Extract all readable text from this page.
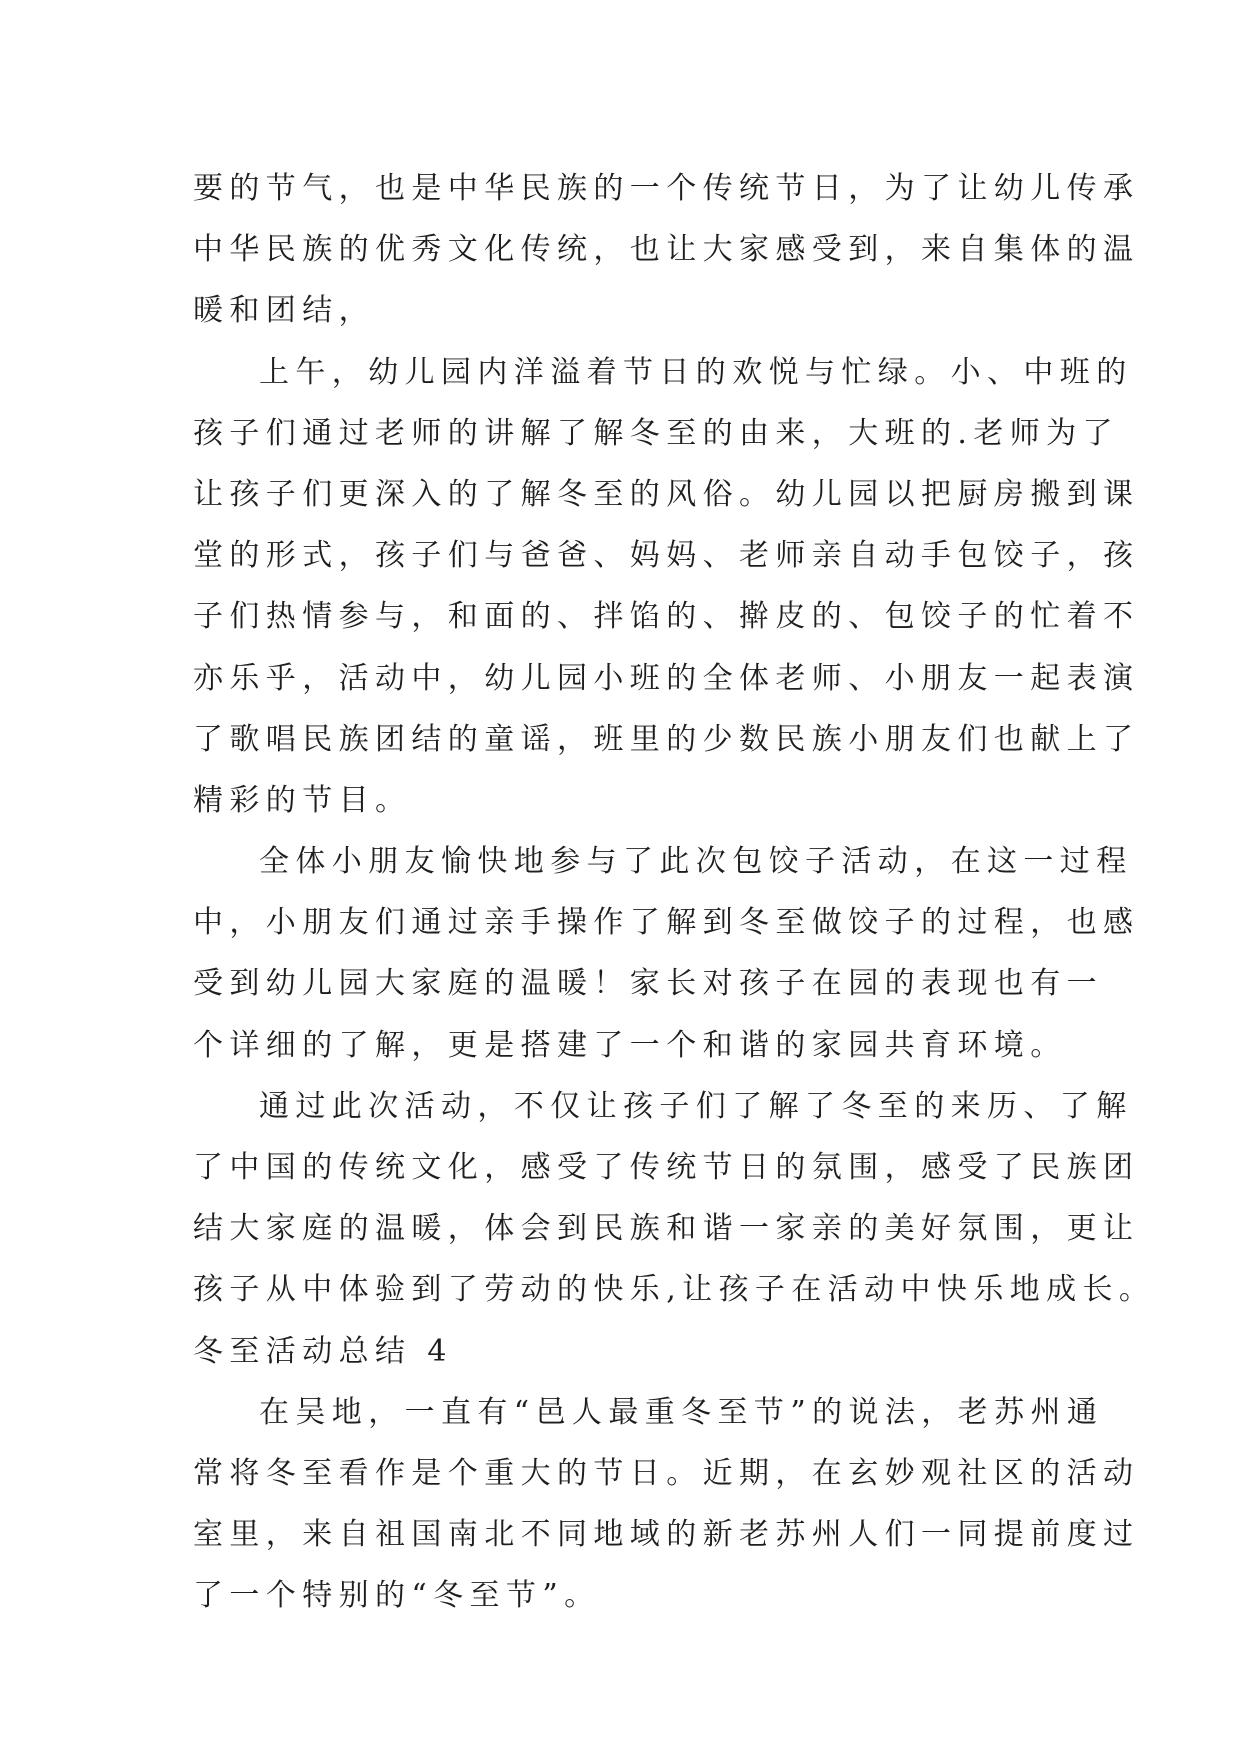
要的节气，也是中华民族的一个传统节日，为了让幼儿传承
中华民族的优秀文化传统，也让大家感受到，来自集体的温
暖和团结，
上午，幼儿园内洋溢着节日的欢悦与忙绿。小、中班的
孩子们通过老师的讲解了解冬至的由来，大班的.老师为了
让孩子们更深入的了解冬至的风俗。幼儿园以把厨房搬到课
堂的形式，孩子们与爸爸、妈妈、老师亲自动手包饺子，孩
子们热情参与，和面的、拌馅的、擀皮的、包饺子的忙着不
亦乐乎，活动中，幼儿园小班的全体老师、小朋友一起表演
了歌唱民族团结的童谣，班里的少数民族小朋友们也献上了
精彩的节目。
全体小朋友愉快地参与了此次包饺子活动，在这一过程
中，小朋友们通过亲手操作了解到冬至做饺子的过程，也感
受到幼儿园大家庭的温暖！家长对孩子在园的表现也有一
个详细的了解，更是搭建了一个和谐的家园共育环境。
通过此次活动，不仅让孩子们了解了冬至的来历、了解
了中国的传统文化，感受了传统节日的氛围，感受了民族团
结大家庭的温暖，体会到民族和谐一家亲的美好氛围，更让
孩子从中体验到了劳动的快乐,让孩子在活动中快乐地成长。
冬至活动总结 4
在吴地，一直有“邑人最重冬至节”的说法，老苏州通
常将冬至看作是个重大的节日。近期，在玄妙观社区的活动
室里，来自祖国南北不同地域的新老苏州人们一同提前度过
了一个特别的“冬至节”。
